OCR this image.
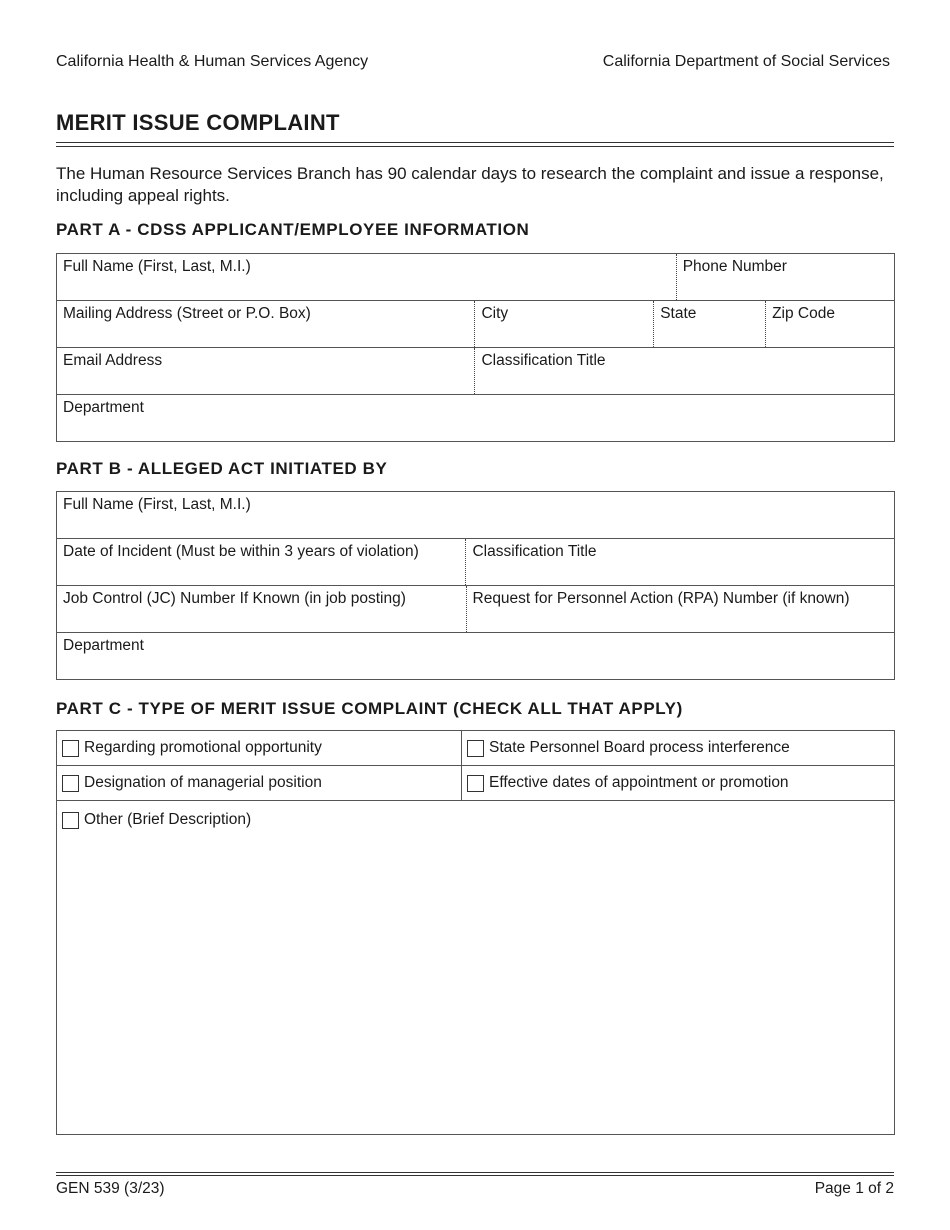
California Health & Human Services Agency	California Department of Social Services
MERIT ISSUE COMPLAINT
The Human Resource Services Branch has 90 calendar days to research the complaint and issue a response, including appeal rights.
PART A - CDSS APPLICANT/EMPLOYEE INFORMATION
Full Name (First, Last, M.I.)	Phone Number
Mailing Address (Street or P.O. Box)	City	State	Zip Code
Email Address	Classification Title
Department
PART B - ALLEGED ACT INITIATED BY
Full Name (First, Last, M.I.)
Date of Incident (Must be within 3 years of violation)	Classification Title
Job Control (JC) Number If Known (in job posting)	Request for Personnel Action (RPA) Number (if known)
Department
PART C - TYPE OF MERIT ISSUE COMPLAINT (CHECK ALL THAT APPLY)
Regarding promotional opportunity	State Personnel Board process interference
Designation of managerial position	Effective dates of appointment or promotion
Other (Brief Description)
GEN 539 (3/23)	Page 1 of 2
